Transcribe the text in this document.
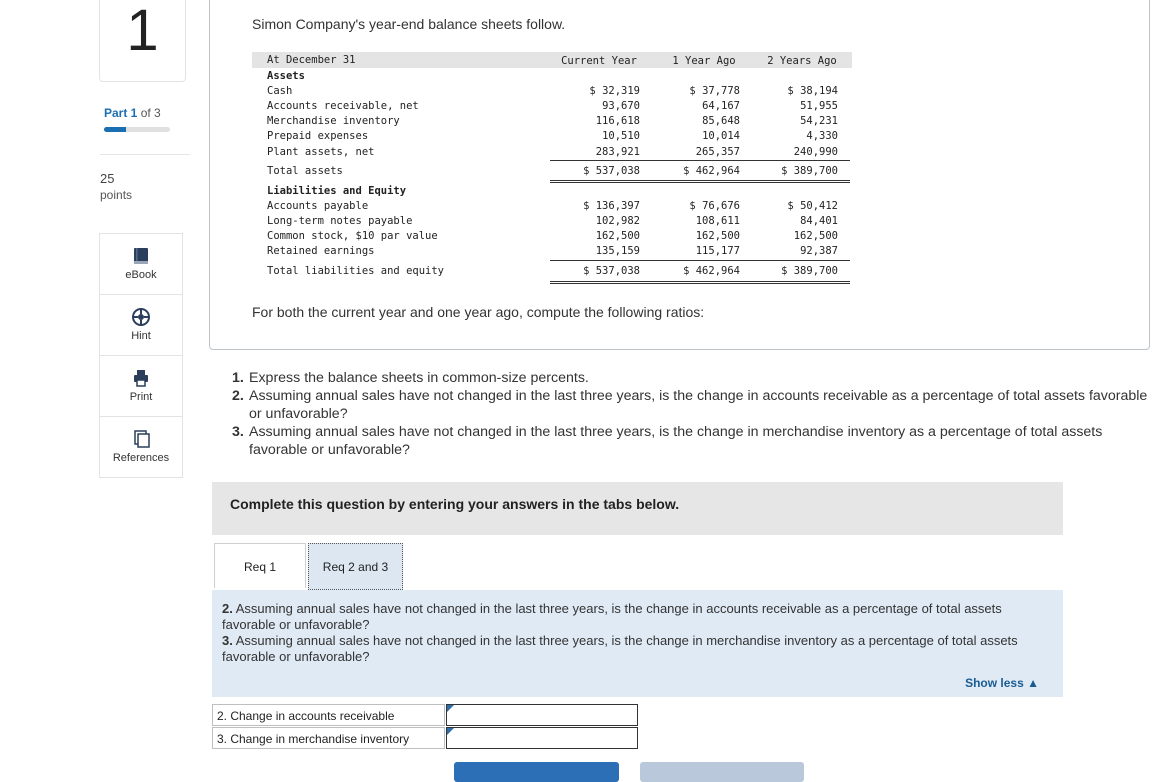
1
Part 1 of 3
25
points
eBook
Hint
Print
References
Simon Company's year-end balance sheets follow.
At December 31	Current Year	1 Year Ago	2 Years Ago
Assets
Cash	$ 32,319	$ 37,778	$ 38,194
Accounts receivable, net	93,670	64,167	51,955
Merchandise inventory	116,618	85,648	54,231
Prepaid expenses	10,510	10,014	4,330
Plant assets, net	283,921	265,357	240,990
Total assets	$ 537,038	$ 462,964	$ 389,700
Liabilities and Equity
Accounts payable	$ 136,397	$ 76,676	$ 50,412
Long-term notes payable	102,982	108,611	84,401
Common stock, $10 par value	162,500	162,500	162,500
Retained earnings	135,159	115,177	92,387
Total liabilities and equity	$ 537,038	$ 462,964	$ 389,700
For both the current year and one year ago, compute the following ratios:
1. Express the balance sheets in common-size percents.
2. Assuming annual sales have not changed in the last three years, is the change in accounts receivable as a percentage of total assets favorable or unfavorable?
3. Assuming annual sales have not changed in the last three years, is the change in merchandise inventory as a percentage of total assets favorable or unfavorable?
Complete this question by entering your answers in the tabs below.
Req 1	Req 2 and 3
2. Assuming annual sales have not changed in the last three years, is the change in accounts receivable as a percentage of total assets favorable or unfavorable?
3. Assuming annual sales have not changed in the last three years, is the change in merchandise inventory as a percentage of total assets favorable or unfavorable?
Show less ▲
2. Change in accounts receivable
3. Change in merchandise inventory
